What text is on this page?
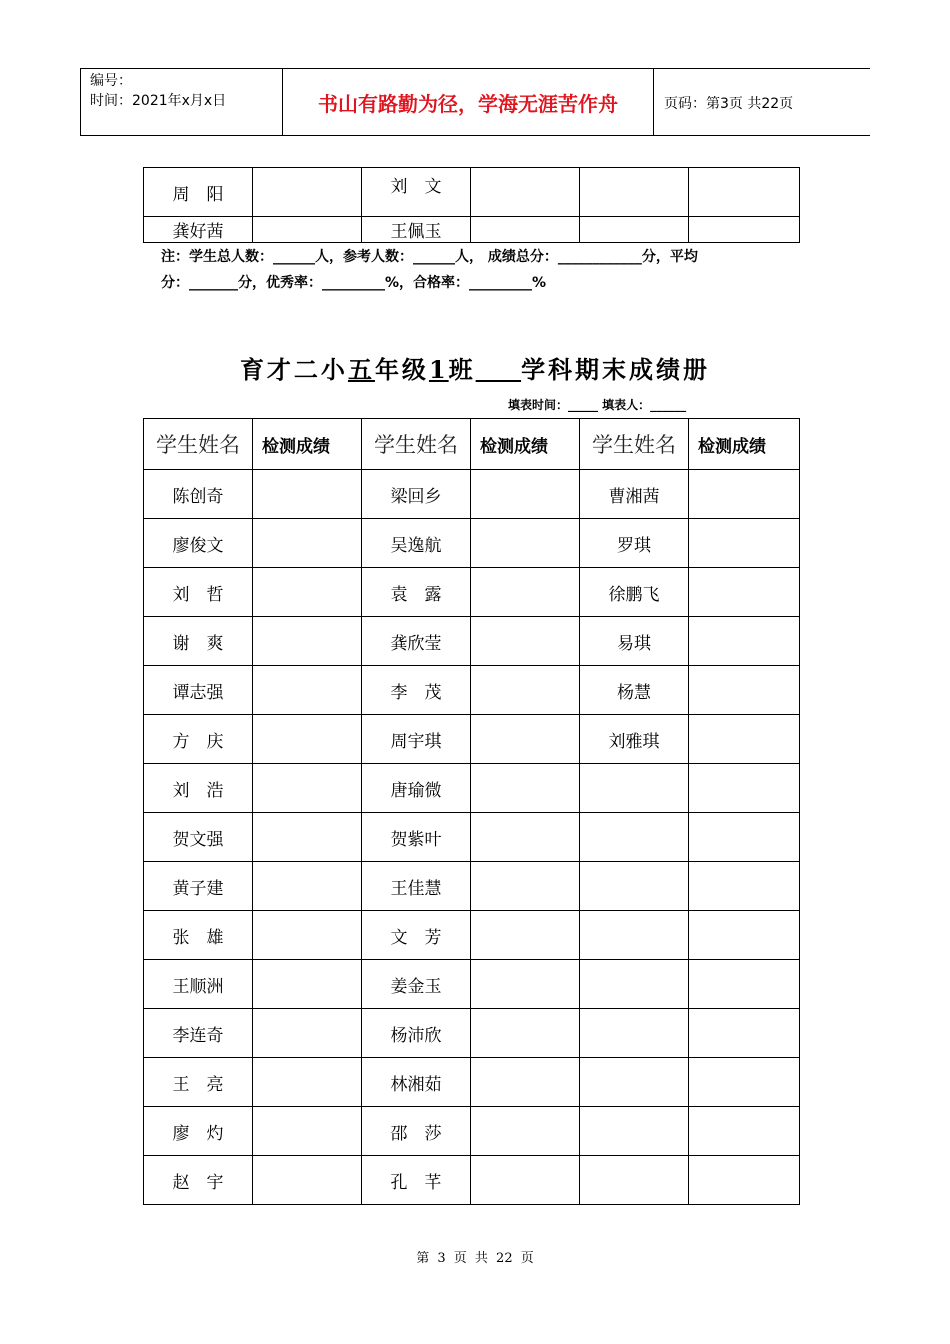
编号：
时间：2021年x月x日	书山有路勤为径，学海无涯苦作舟	页码：第3页 共22页
周　阳		刘　文			
龚好茜		王佩玉			
注：学生总人数：______人，参考人数：______人， 成绩总分：____________分，平均
分：_______分，优秀率：_________%，合格率：_________%
育才二小五年级1班 学科期末成绩册
填表时间：_____ 填表人：______
学生姓名	检测成绩	学生姓名	检测成绩	学生姓名	检测成绩
陈创奇		梁回乡		曹湘茜	
廖俊文		吴逸航		罗琪	
刘　哲		袁　露		徐鹏飞	
谢　爽		龚欣莹		易琪	
谭志强		李　茂		杨慧	
方　庆		周宇琪		刘雅琪	
刘　浩		唐瑜微			
贺文强		贺紫叶			
黄子建		王佳慧			
张　雄		文　芳			
王顺洲		姜金玉			
李连奇		杨沛欣			
王　亮		林湘茹			
廖　灼		邵　莎			
赵　宇		孔　芊			
第 3 页 共 22 页
